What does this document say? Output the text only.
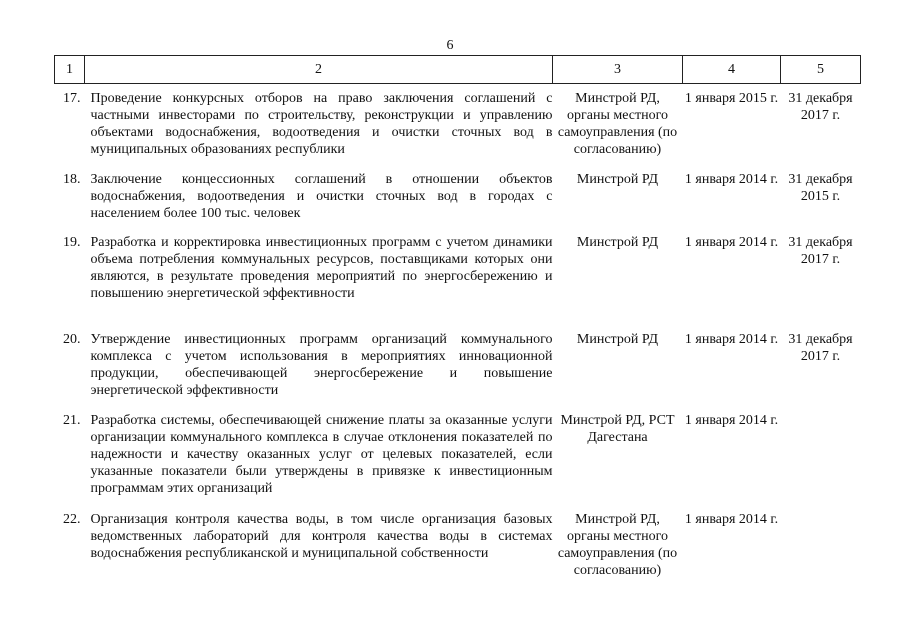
6
1	2	3	4	5
17.	Проведение конкурсных отборов на право заключения соглашений с частными инвесторами по строительству, реконструкции и управлению объектами водоснабжения, водоотведения и очистки сточных вод в муниципальных образованиях республики	Минстрой РД, органы местного самоуправления (по согласованию)	1 января 2015 г.	31 декабря 2017 г.
18.	Заключение концессионных соглашений в отношении объектов водоснабжения, водоотведения и очистки сточных вод в городах с населением более 100 тыс. человек	Минстрой РД	1 января 2014 г.	31 декабря 2015 г.
19.	Разработка и корректировка инвестиционных программ с учетом динамики объема потребления коммунальных ресурсов, поставщиками которых они являются, в результате проведения мероприятий по энергосбережению и повышению энергетической эффективности	Минстрой РД	1 января 2014 г.	31 декабря 2017 г.
20.	Утверждение инвестиционных программ организаций коммунального комплекса с учетом использования в мероприятиях инновационной продукции, обеспечивающей энергосбережение и повышение энергетической эффективности	Минстрой РД	1 января 2014 г.	31 декабря 2017 г.
21.	Разработка системы, обеспечивающей снижение платы за оказанные услуги организации коммунального комплекса в случае отклонения показателей по надежности и качеству оказанных услуг от целевых показателей, если указанные показатели были утверждены в привязке к инвестиционным программам этих организаций	Минстрой РД, РСТ Дагестана	1 января 2014 г.	
22.	Организация контроля качества воды, в том числе организация базовых ведомственных лабораторий для контроля качества воды в системах водоснабжения республиканской и муниципальной собственности	Минстрой РД, органы местного самоуправления (по согласованию)	1 января 2014 г.	
